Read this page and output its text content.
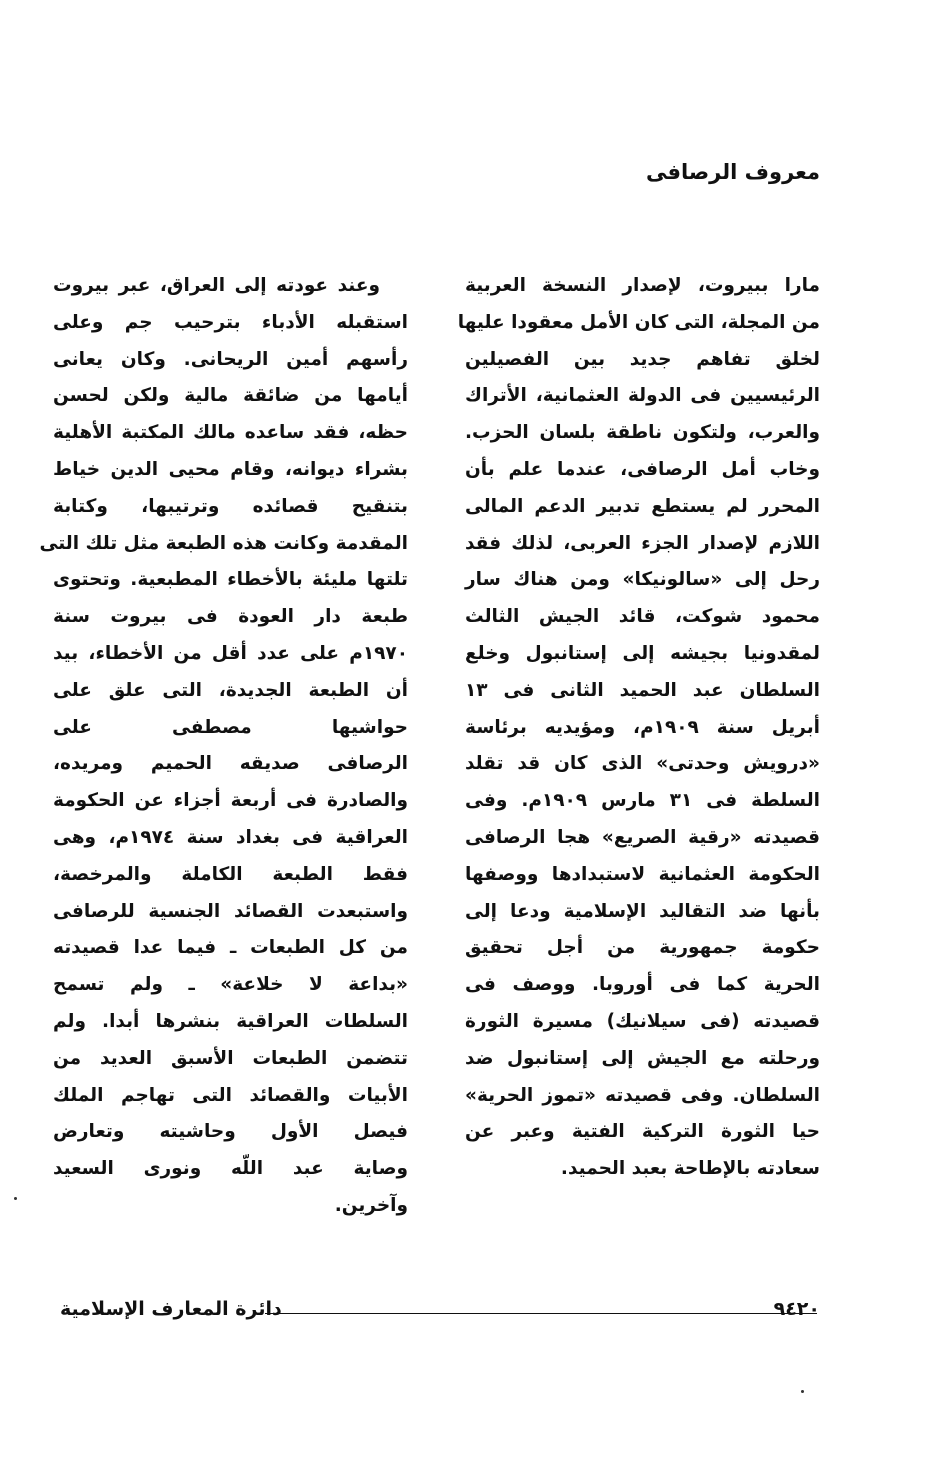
معروف الرصافى
مارا ببيروت، لإصدار النسخة العربية
من المجلة، التى كان الأمل معقودا عليها
لخلق تفاهم جديد بين الفصيلين
الرئيسيين فى الدولة العثمانية، الأتراك
والعرب، ولتكون ناطقة بلسان الحزب.
وخاب أمل الرصافى، عندما علم بأن
المحرر لم يستطع تدبير الدعم المالى
اللازم لإصدار الجزء العربى، لذلك فقد
رحل إلى «سالونيكا» ومن هناك سار
محمود شوكت، قائد الجيش الثالث
لمقدونيا بجيشه إلى إستانبول وخلع
السلطان عبد الحميد الثانى فى ١٣
أبريل سنة ١٩٠٩م، ومؤيديه برئاسة
«درويش وحدتى» الذى كان قد تقلد
السلطة فى ٣١ مارس ١٩٠٩م. وفى
قصيدته «رقية الصريع» هجا الرصافى
الحكومة العثمانية لاستبدادها ووصفها
بأنها ضد التقاليد الإسلامية ودعا إلى
حكومة جمهورية من أجل تحقيق
الحرية كما فى أوروبا. ووصف فى
قصيدته (فى سيلانيك) مسيرة الثورة
ورحلته مع الجيش إلى إستانبول ضد
السلطان. وفى قصيدته «تموز الحرية»
حيا الثورة التركية الفتية وعبر عن
سعادته بالإطاحة بعبد الحميد.
وعند عودته إلى العراق، عبر بيروت
استقبله الأدباء بترحيب جم وعلى
رأسهم أمين الريحانى. وكان يعانى
أيامها من ضائقة مالية ولكن لحسن
حظه، فقد ساعده مالك المكتبة الأهلية
بشراء ديوانه، وقام محيى الدين خياط
بتنقيح قصائده وترتيبها، وكتابة
المقدمة وكانت هذه الطبعة مثل تلك التى
تلتها مليئة بالأخطاء المطبعية. وتحتوى
طبعة دار العودة فى بيروت سنة
١٩٧٠م على عدد أقل من الأخطاء، بيد
أن الطبعة الجديدة، التى علق على
حواشيها مصطفى على
الرصافى صديقه الحميم ومريده،
والصادرة فى أربعة أجزاء عن الحكومة
العراقية فى بغداد سنة ١٩٧٤م، وهى
فقط الطبعة الكاملة والمرخصة،
واستبعدت القصائد الجنسية للرصافى
من كل الطبعات ـ فيما عدا قصيدته
«بداعة لا خلاعة» ـ ولم تسمح
السلطات العراقية بنشرها أبدا. ولم
تتضمن الطبعات الأسبق العديد من
الأبيات والقصائد التى تهاجم الملك
فيصل الأول وحاشيته وتعارض
وصاية عبد اللّه ونورى السعيد
وآخرين.
دائرة المعارف الإسلامية	٩٤٢٠
